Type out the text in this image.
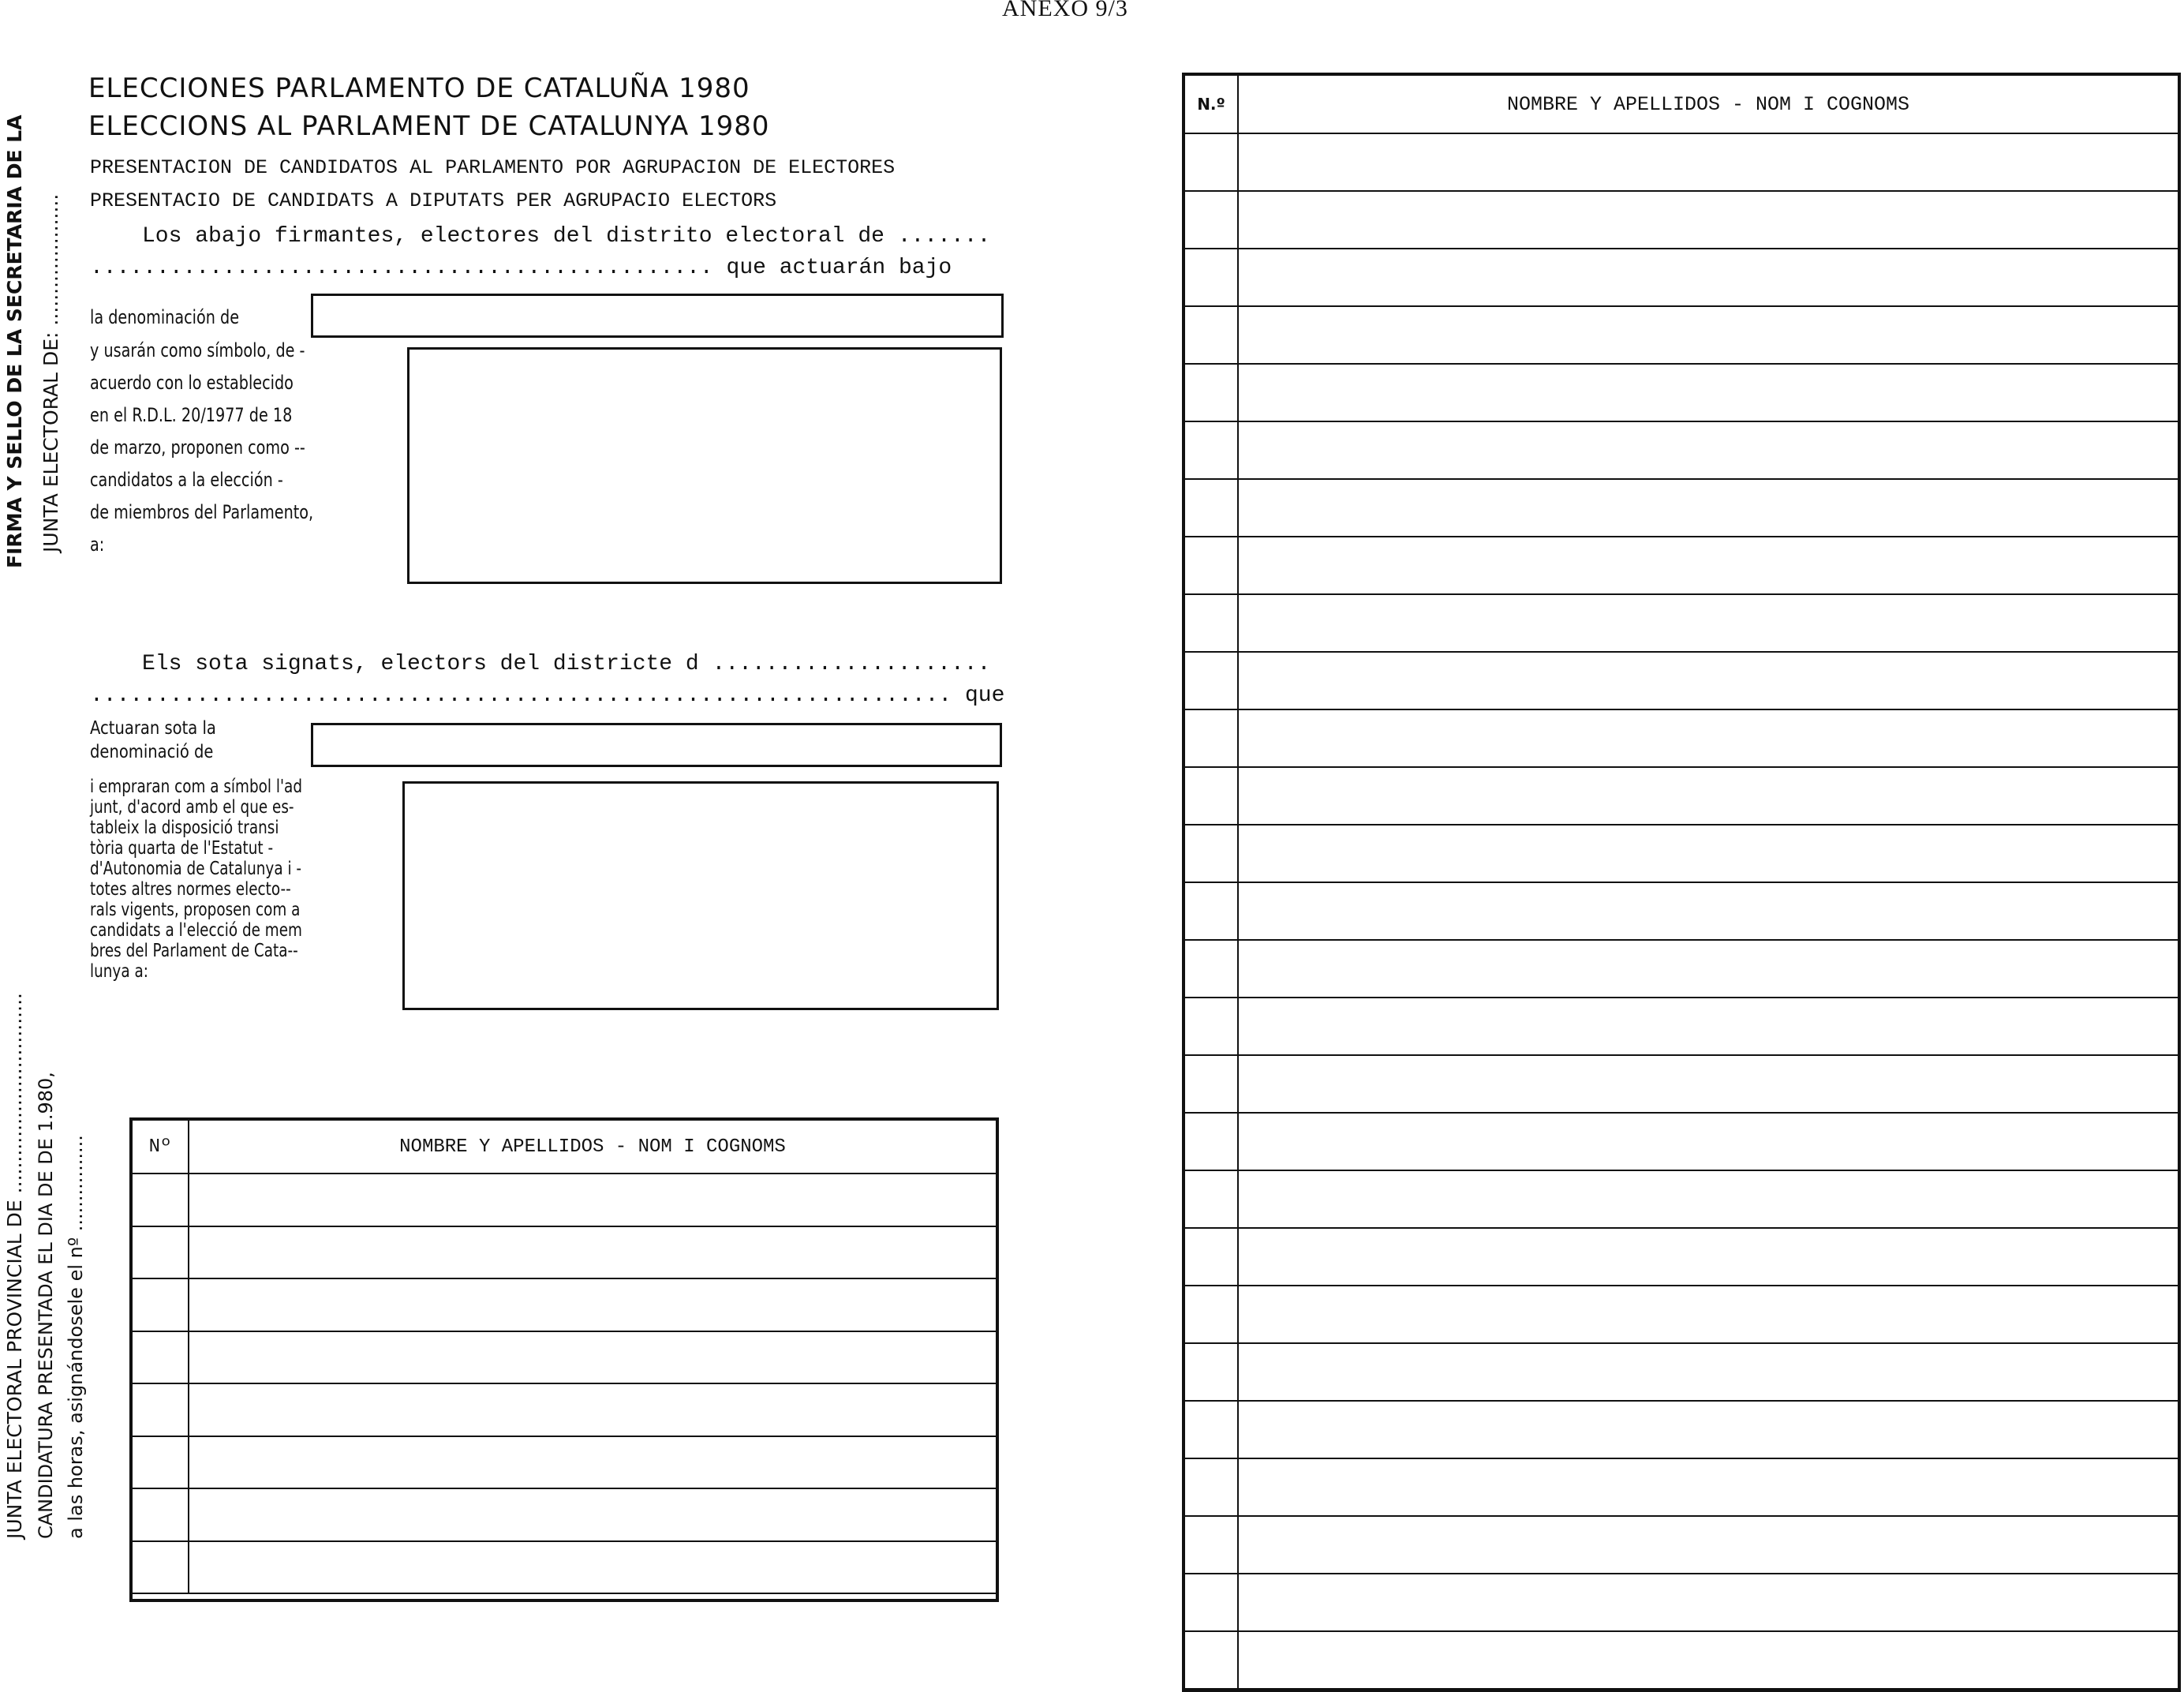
ANEXO 9/3
ELECCIONES PARLAMENTO DE CATALUÑA 1980
ELECCIONS AL PARLAMENT DE CATALUNYA 1980
PRESENTACION DE CANDIDATOS AL PARLAMENTO POR AGRUPACION DE ELECTORES
PRESENTACIO DE CANDIDATS A DIPUTATS PER AGRUPACIO ELECTORS
Los abajo firmantes, electores del distrito electoral de .......
............................................... que actuarán bajo
la denominación de
y usarán como símbolo, de -
acuerdo con lo establecido
en el R.D.L. 20/1977 de 18
de marzo, proponen como --
candidatos a la elección -
de miembros del Parlamento,
a:
Els sota signats, electors del districte d .....................
................................................................. que
Actuaran sota la
denominació de
i empraran com a símbol l'ad
junt, d'acord amb el que es-
tableix la disposició transi
tòria quarta de l'Estatut -
d'Autonomia de Catalunya i -
totes altres normes electo--
rals vigents, proposen com a
candidats a l'elecció de mem
bres del Parlament de Cata--
lunya a:
FIRMA Y SELLO DE LA SECRETARIA DE LA JUNTA ELECTORAL DE: .....................
JUNTA ELECTORAL PROVINCIAL DE ................................ CANDIDATURA PRESENTADA EL DIA DE DE 1.980, a las horas, asignándosele el nº ................	Nº	NOMBRE Y APELLIDOS - NOM I COGNOMS

N.º	NOMBRE Y APELLIDOS - NOM I COGNOMS
